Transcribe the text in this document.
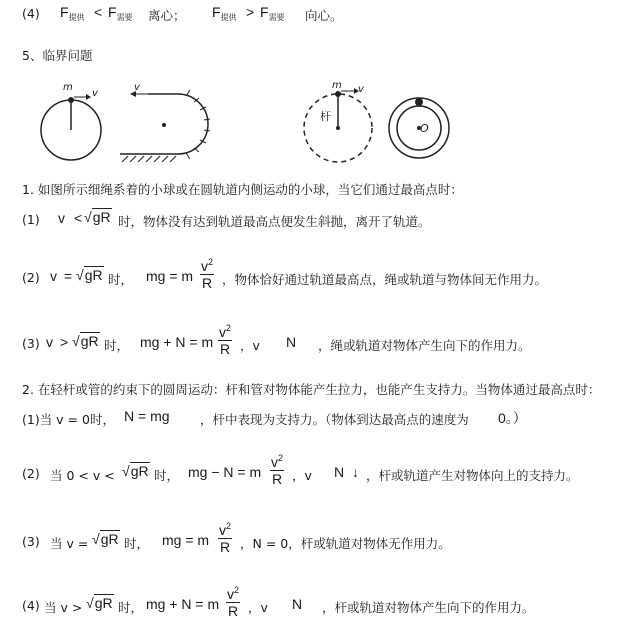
(4) $F_{提供} < F_{需要}$ 离心； $F_{提供} > F_{需要}$ 向心。
5、临界问题
m
v
v	m v
杆
O
1. 如图所示细绳系着的小球或在圆轨道内侧运动的小球，当它们通过最高点时：
(1) v < √gR 时，物体没有达到轨道最高点便发生斜抛，离开了轨道。
(2) v = √gR 时， mg = m $\frac{v^2}{R}$ ，物体恰好通过轨道最高点，绳或轨道与物体间无作用力。
(3) v > √gR 时， mg + N = m $\frac{v^2}{R}$ ，v N ，绳或轨道对物体产生向下的作用力。
2. 在轻杆或管的约束下的圆周运动：杆和管对物体能产生拉力，也能产生支持力。当物体通过最高点时：
(1)当 v = 0时， N = mg ，杆中表现为支持力。（物体到达最高点的速度为 0。）
(2) 当 0 < v < √gR 时， mg − N = m $\frac{v^2}{R}$ ，v N ↓ ，杆或轨道产生对物体向上的支持力。
(3) 当 v = √gR 时， mg = m $\frac{v^2}{R}$ ，N = 0，杆或轨道对物体无作用力。
(4) 当 v > √gR 时， mg + N = m $\frac{v^2}{R}$ ，v N ，杆或轨道对物体产生向下的作用力。
